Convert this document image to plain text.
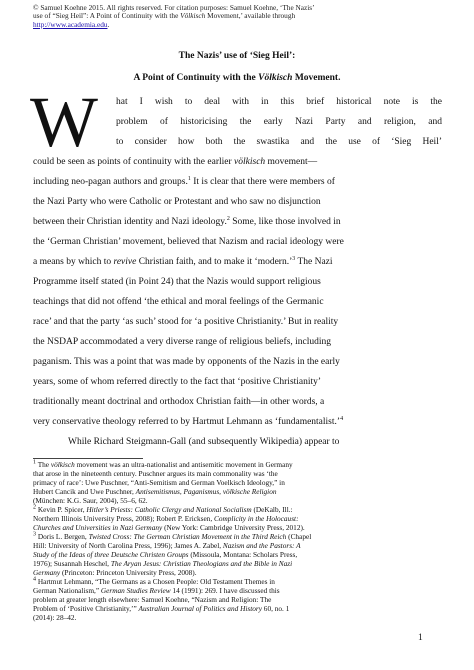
© Samuel Koehne 2015. All rights reserved. For citation purposes: Samuel Koehne, ‘The Nazis’
use of “Sieg Heil”: A Point of Continuity with the Völkisch Movement,’ available through
http://www.academia.edu.
The Nazis’ use of ‘Sieg Heil’:
A Point of Continuity with the Völkisch Movement.
W hat I wish to deal with in this brief historical note is the
problem of historicising the early Nazi Party and religion, and
to consider how both the swastika and the use of ‘Sieg Heil’
could be seen as points of continuity with the earlier völkisch movement—
including neo-pagan authors and groups.$^1$ It is clear that there were members of
the Nazi Party who were Catholic or Protestant and who saw no disjunction
between their Christian identity and Nazi ideology.$^2$ Some, like those involved in
the ‘German Christian’ movement, believed that Nazism and racial ideology were
a means by which to revive Christian faith, and to make it ‘modern.’$^3$ The Nazi
Programme itself stated (in Point 24) that the Nazis would support religious
teachings that did not offend ‘the ethical and moral feelings of the Germanic
race’ and that the party ‘as such’ stood for ‘a positive Christianity.’ But in reality
the NSDAP accommodated a very diverse range of religious beliefs, including
paganism. This was a point that was made by opponents of the Nazis in the early
years, some of whom referred directly to the fact that ‘positive Christianity’
traditionally meant doctrinal and orthodox Christian faith—in other words, a
very conservative theology referred to by Hartmut Lehmann as ‘fundamentalist.’$^4$
While Richard Steigmann-Gall (and subsequently Wikipedia) appear to
$^1$ The völkisch movement was an ultra-nationalist and antisemitic movement in Germany
that arose in the nineteenth century. Puschner argues its main commonality was ‘the
primacy of race’: Uwe Puschner, “Anti-Semitism and German Voelkisch Ideology,” in
Hubert Cancik and Uwe Puschner, Antisemitismus, Paganismus, völkische Religion
(München: K.G. Saur, 2004), 55–6, 62.
$^2$ Kevin P. Spicer, Hitler’s Priests: Catholic Clergy and National Socialism (DeKalb, Ill.:
Northern Illinois University Press, 2008); Robert P. Ericksen, Complicity in the Holocaust:
Churches and Universities in Nazi Germany (New York: Cambridge University Press, 2012).
$^3$ Doris L. Bergen, Twisted Cross: The German Christian Movement in the Third Reich (Chapel
Hill: University of North Carolina Press, 1996); James A. Zabel, Nazism and the Pastors: A
Study of the Ideas of three Deutsche Christen Groups (Missoula, Montana: Scholars Press,
1976); Susannah Heschel, The Aryan Jesus: Christian Theologians and the Bible in Nazi
Germany (Princeton: Princeton University Press, 2008).
$^4$ Hartmut Lehmann, “The Germans as a Chosen People: Old Testament Themes in
German Nationalism,” German Studies Review 14 (1991): 269. I have discussed this
problem at greater length elsewhere: Samuel Koehne, “Nazism and Religion: The
Problem of ‘Positive Christianity,’” Australian Journal of Politics and History 60, no. 1
(2014): 28–42.
1
